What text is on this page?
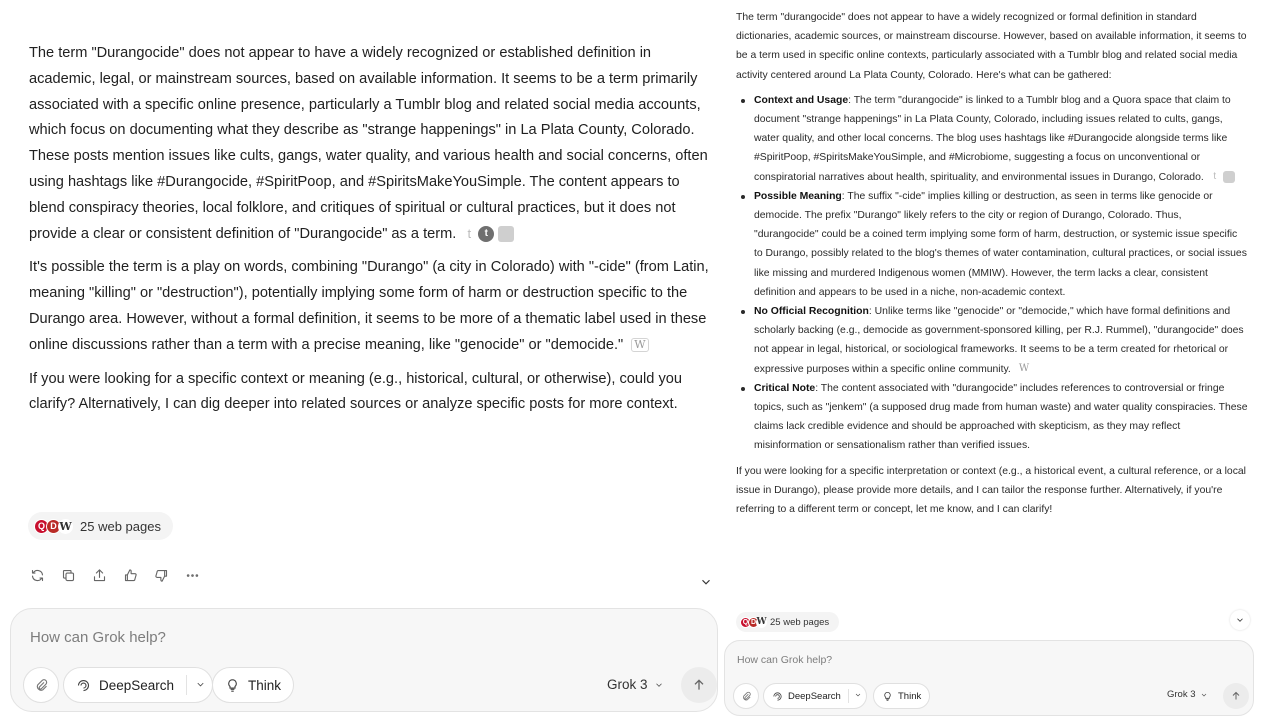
The term "Durangocide" does not appear to have a widely recognized or established definition in academic, legal, or mainstream sources, based on available information. It seems to be a term primarily associated with a specific online presence, particularly a Tumblr blog and related social media accounts, which focus on documenting what they describe as "strange happenings" in La Plata County, Colorado. These posts mention issues like cults, gangs, water quality, and various health and social concerns, often using hashtags like #Durangocide, #SpiritPoop, and #SpiritsMakeYouSimple. The content appears to blend conspiracy theories, local folklore, and critiques of spiritual or cultural practices, but it does not provide a clear or consistent definition of "Durangocide" as a term. t	t

It's possible the term is a play on words, combining "Durango" (a city in Colorado) with "-cide" (from Latin, meaning "killing" or "destruction"), potentially implying some form of harm or destruction specific to the Durango area. However, without a formal definition, it seems to be more of a thematic label used in these online discussions rather than a term with a precise meaning, like "genocide" or "democide." W

If you were looking for a specific context or meaning (e.g., historical, cultural, or otherwise), could you clarify? Alternatively, I can dig deeper into related sources or analyze specific posts for more context.

Q D W 25 web pages
How can Grok help?
DeepSearch	Think	Grok 3

The term "durangocide" does not appear to have a widely recognized or formal definition in standard dictionaries, academic sources, or mainstream discourse. However, based on available information, it seems to be a term used in specific online contexts, particularly associated with a Tumblr blog and related social media activity centered around La Plata County, Colorado. Here's what can be gathered:

Context and Usage: The term "durangocide" is linked to a Tumblr blog and a Quora space that claim to document "strange happenings" in La Plata County, Colorado, including issues related to cults, gangs, water quality, and other local concerns. The blog uses hashtags like #Durangocide alongside terms like #SpiritPoop, #SpiritsMakeYouSimple, and #Microbiome, suggesting a focus on unconventional or conspiratorial narratives about health, spirituality, and environmental issues in Durango, Colorado. t
Possible Meaning: The suffix "-cide" implies killing or destruction, as seen in terms like genocide or democide. The prefix "Durango" likely refers to the city or region of Durango, Colorado. Thus, "durangocide" could be a coined term implying some form of harm, destruction, or systemic issue specific to Durango, possibly related to the blog's themes of water contamination, cultural practices, or social issues like missing and murdered Indigenous women (MMIW). However, the term lacks a clear, consistent definition and appears to be used in a niche, non-academic context.
No Official Recognition: Unlike terms like "genocide" or "democide," which have formal definitions and scholarly backing (e.g., democide as government-sponsored killing, per R.J. Rummel), "durangocide" does not appear in legal, historical, or sociological frameworks. It seems to be a term created for rhetorical or expressive purposes within a specific online community. W
Critical Note: The content associated with "durangocide" includes references to controversial or fringe topics, such as "jenkem" (a supposed drug made from human waste) and water quality conspiracies. These claims lack credible evidence and should be approached with skepticism, as they may reflect misinformation or sensationalism rather than verified issues.

If you were looking for a specific interpretation or context (e.g., a historical event, a cultural reference, or a local issue in Durango), please provide more details, and I can tailor the response further. Alternatively, if you're referring to a different term or concept, let me know, and I can clarify!

Q D W 25 web pages
How can Grok help?
DeepSearch	Think	Grok 3
